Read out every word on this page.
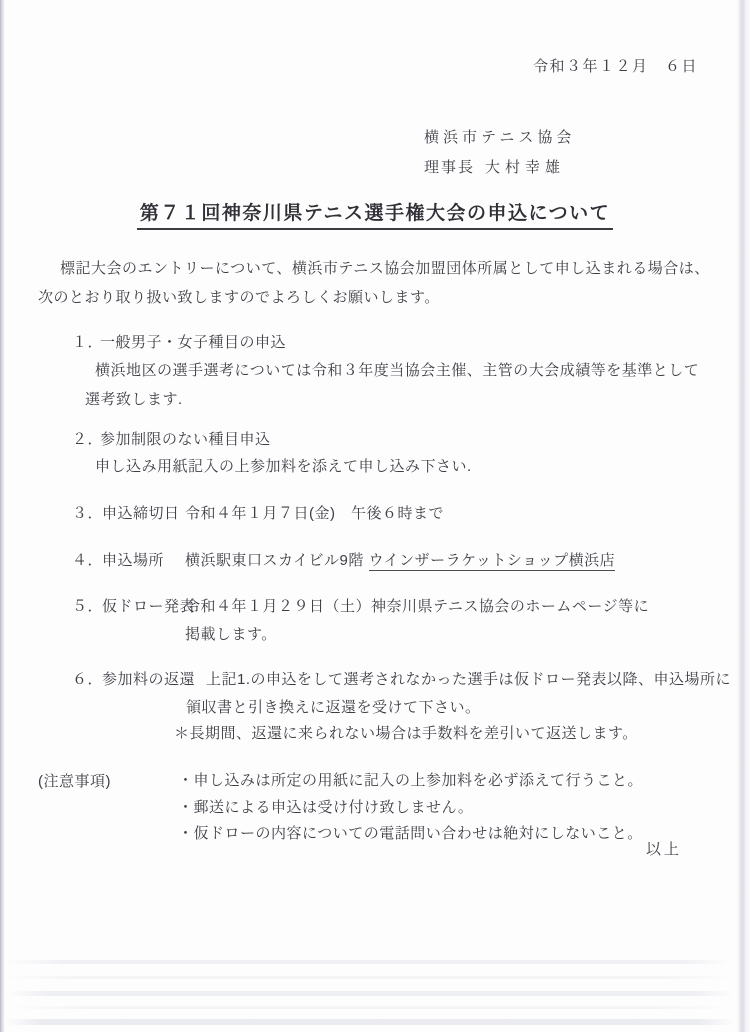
令和３年１２月　６日
横浜市テニス協会
理事長 大村幸雄
第７１回神奈川県テニス選手権大会の申込について
標記大会のエントリーについて、横浜市テニス協会加盟団体所属として申し込まれる場合は、
次のとおり取り扱い致しますのでよろしくお願いします。
１．
一般男子・女子種目の申込
横浜地区の選手選考については令和３年度当協会主催、主管の大会成績等を基準として
選考致します.
２．
参加制限のない種目申込
申し込み用紙記入の上参加料を添えて申し込み下さい.
３．
申込締切日 令和４年１月７日(金)　午後６時まで
４．
申込場所 横浜駅東口スカイビル9階 ウインザーラケットショップ横浜店
５．
仮ドロー発表
令和４年１月２９日（土）神奈川県テニス協会のホームページ等に
掲載します。
６．
参加料の返還 上記1.の申込をして選考されなかった選手は仮ドロー発表以降、申込場所に
領収書と引き換えに返還を受けて下さい。
＊長期間、返還に来られない場合は手数料を差引いて返送します。
(注意事項)	・申し込みは所定の用紙に記入の上参加料を必ず添えて行うこと。
・郵送による申込は受け付け致しません。
・仮ドローの内容についての電話問い合わせは絶対にしないこと。
以上
